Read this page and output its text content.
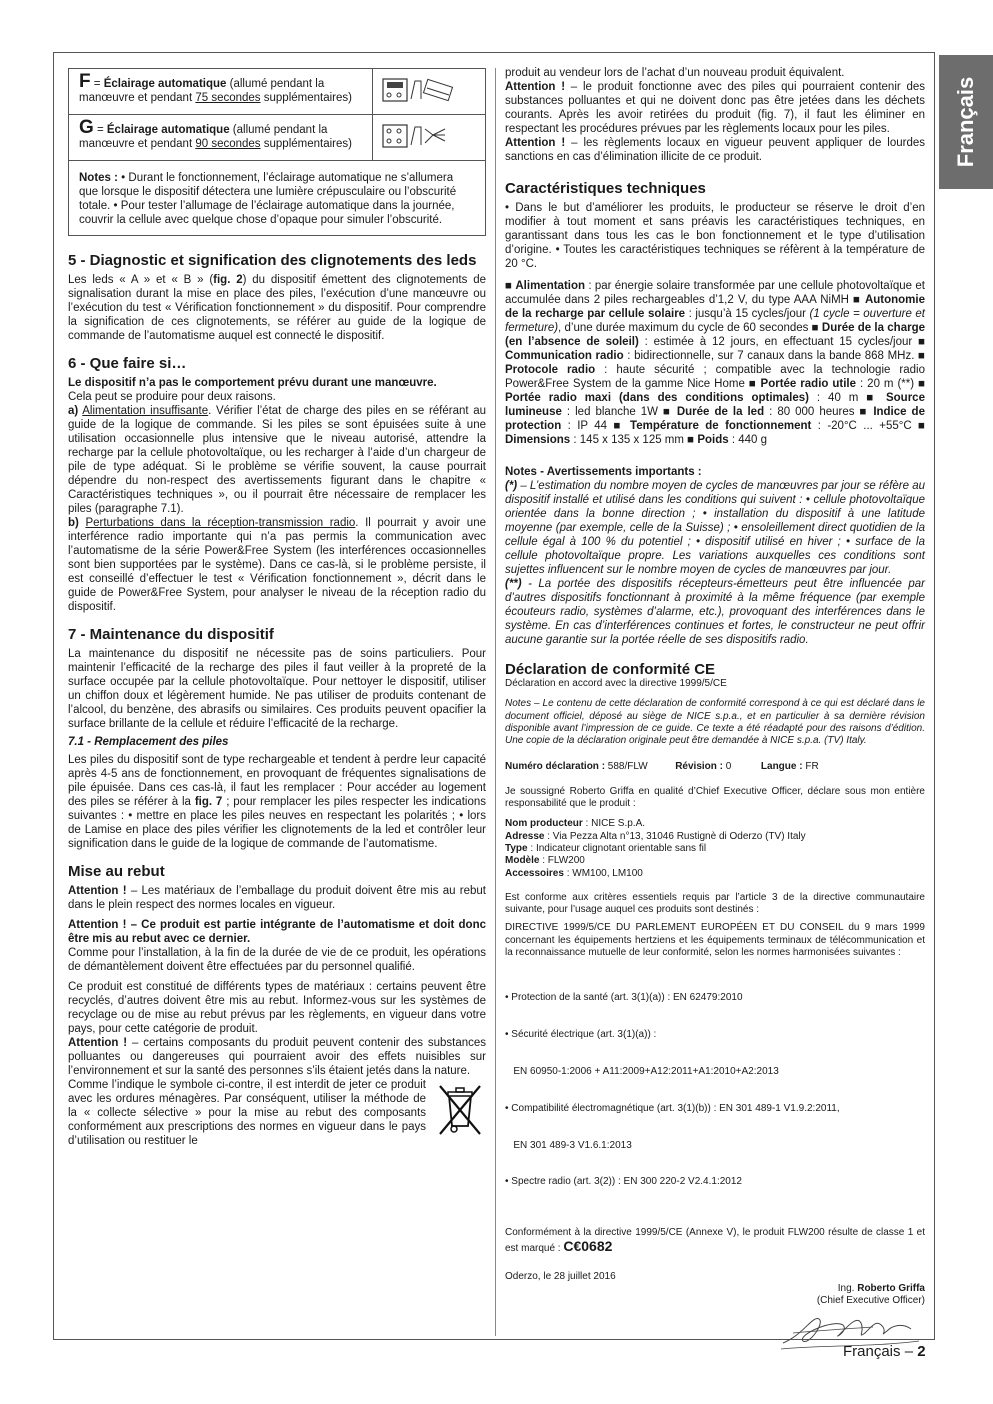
Français
F = Éclairage automatique (allumé pendant la manœuvre et pendant 75 secondes supplémentaires)
G = Éclairage automatique (allumé pendant la manœuvre et pendant 90 secondes supplémentaires)
Notes : • Durant le fonctionnement, l’éclairage automatique ne s’allumera que lorsque le dispositif détectera une lumière crépusculaire ou l’obscurité totale. • Pour tester l’allumage de l’éclairage automatique dans la journée, couvrir la cellule avec quelque chose d’opaque pour simuler l’obscurité.
5 - Diagnostic et signification des clignotements des leds

Les leds « A » et « B » (fig. 2) du dispositif émettent des clignotements de signalisation durant la mise en place des piles, l’exécution d’une manœuvre ou l’exécution du test « Vérification fonctionnement » du dispositif. Pour comprendre la signification de ces clignotements, se référer au guide de la logique de commande de l’automatisme auquel est connecté le dispositif.

6 - Que faire si…

Le dispositif n’a pas le comportement prévu durant une manœuvre.

Cela peut se produire pour deux raisons.

a) Alimentation insuffisante. Vérifier l’état de charge des piles en se référant au guide de la logique de commande. Si les piles se sont épuisées suite à une utilisation occasionnelle plus intensive que le niveau autorisé, attendre la recharge par la cellule photovoltaïque, ou les recharger à l’aide d’un chargeur de pile de type adéquat. Si le problème se vérifie souvent, la cause pourrait dépendre du non-respect des avertissements figurant dans le chapitre « Caractéristiques techniques », ou il pourrait être nécessaire de remplacer les piles (paragraphe 7.1).

b) Perturbations dans la réception-transmission radio. Il pourrait y avoir une interférence radio importante qui n’a pas permis la communication avec l’automatisme de la série Power&Free System (les interférences occasionnelles sont bien supportées par le système). Dans ce cas-là, si le problème persiste, il est conseillé d’effectuer le test « Vérification fonctionnement », décrit dans le guide de Power&Free System, pour analyser le niveau de la réception radio du dispositif.

7 - Maintenance du dispositif

La maintenance du dispositif ne nécessite pas de soins particuliers. Pour maintenir l’efficacité de la recharge des piles il faut veiller à la propreté de la surface occupée par la cellule photovoltaïque. Pour nettoyer le dispositif, utiliser un chiffon doux et légèrement humide. Ne pas utiliser de produits contenant de l’alcool, du benzène, des abrasifs ou similaires. Ces produits peuvent opacifier la surface brillante de la cellule et réduire l’efficacité de la recharge.

7.1 - Remplacement des piles

Les piles du dispositif sont de type rechargeable et tendent à perdre leur capacité après 4-5 ans de fonctionnement, en provoquant de fréquentes signalisations de pile épuisée. Dans ces cas-là, il faut les remplacer : Pour accéder au logement des piles se référer à la fig. 7 ; pour remplacer les piles respecter les indications suivantes : • mettre en place les piles neuves en respectant les polarités ; • lors de Lamise en place des piles vérifier les clignotements de la led et contrôler leur signification dans le guide de la logique de commande de l’automatisme.

Mise au rebut

Attention ! – Les matériaux de l’emballage du produit doivent être mis au rebut dans le plein respect des normes locales en vigueur.

Attention ! – Ce produit est partie intégrante de l’automatisme et doit donc être mis au rebut avec ce dernier.

Comme pour l’installation, à la fin de la durée de vie de ce produit, les opérations de démantèlement doivent être effectuées par du personnel qualifié.

Ce produit est constitué de différents types de matériaux : certains peuvent être recyclés, d’autres doivent être mis au rebut. Informez-vous sur les systèmes de recyclage ou de mise au rebut prévus par les règlements, en vigueur dans votre pays, pour cette catégorie de produit.

Attention ! – certains composants du produit peuvent contenir des substances polluantes ou dangereuses qui pourraient avoir des effets nuisibles sur l’environnement et sur la santé des personnes s’ils étaient jetés dans la nature.

Comme l’indique le symbole ci-contre, il est interdit de jeter ce produit avec les ordures ménagères. Par conséquent, utiliser la méthode de la « collecte sélective » pour la mise au rebut des composants conformément aux prescriptions des normes en vigueur dans le pays d’utilisation ou restituer le

produit au vendeur lors de l’achat d’un nouveau produit équivalent.

Attention ! – le produit fonctionne avec des piles qui pourraient contenir des substances polluantes et qui ne doivent donc pas être jetées dans les déchets courants. Après les avoir retirées du produit (fig. 7), il faut les éliminer en respectant les procédures prévues par les règlements locaux pour les piles.

Attention ! – les règlements locaux en vigueur peuvent appliquer de lourdes sanctions en cas d’élimination illicite de ce produit.

Caractéristiques techniques

• Dans le but d’améliorer les produits, le producteur se réserve le droit d’en modifier à tout moment et sans préavis les caractéristiques techniques, en garantissant dans tous les cas le bon fonctionnement et le type d’utilisation d’origine. • Toutes les caractéristiques techniques se réfèrent à la température de 20 °C.

■ Alimentation : par énergie solaire transformée par une cellule photovoltaïque et accumulée dans 2 piles rechargeables d’1,2 V, du type AAA NiMH ■ Autonomie de la recharge par cellule solaire : jusqu’à 15 cycles/jour (1 cycle = ouverture et fermeture), d’une durée maximum du cycle de 60 secondes ■ Durée de la charge (en l’absence de soleil) : estimée à 12 jours, en effectuant 15 cycles/jour ■ Communication radio : bidirectionnelle, sur 7 canaux dans la bande 868 MHz. ■ Protocole radio : haute sécurité ; compatible avec la technologie radio Power&Free System de la gamme Nice Home ■ Portée radio utile : 20 m (**) ■ Portée radio maxi (dans des conditions optimales) : 40 m ■ Source lumineuse : led blanche 1W ■ Durée de la led : 80 000 heures ■ Indice de protection : IP 44 ■ Température de fonctionnement : -20°C ... +55°C ■ Dimensions : 145 x 135 x 125 mm ■ Poids : 440 g

Notes - Avertissements importants :

(*) – L’estimation du nombre moyen de cycles de manœuvres par jour se réfère au dispositif installé et utilisé dans les conditions qui suivent : • cellule photovoltaïque orientée dans la bonne direction ; • installation du dispositif à une latitude moyenne (par exemple, celle de la Suisse) ; • ensoleillement direct quotidien de la cellule égal à 100 % du potentiel ; • dispositif utilisé en hiver ; • surface de la cellule photovoltaïque propre. Les variations auxquelles ces conditions sont sujettes influencent sur le nombre moyen de cycles de manœuvres par jour.

(**) - La portée des dispositifs récepteurs-émetteurs peut être influencée par d’autres dispositifs fonctionnant à proximité à la même fréquence (par exemple écouteurs radio, systèmes d’alarme, etc.), provoquant des interférences dans le système. En cas d’interférences continues et fortes, le constructeur ne peut offrir aucune garantie sur la portée réelle de ses dispositifs radio.

Déclaration de conformité CE

Déclaration en accord avec la directive 1999/5/CE

Notes – Le contenu de cette déclaration de conformité correspond à ce qui est déclaré dans le document officiel, déposé au siège de NICE s.p.a., et en particulier à sa dernière révision disponible avant l’impression de ce guide. Ce texte a été réadapté pour des raisons d’édition. Une copie de la déclaration originale peut être demandée à NICE s.p.a. (TV) Italy.

Numéro déclaration : 588/FLW	Révision : 0	Langue : FR

Je soussigné Roberto Griffa en qualité d’Chief Executive Officer, déclare sous mon entière responsabilité que le produit :

Nom producteur : NICE S.p.A.

Adresse : Via Pezza Alta n°13, 31046 Rustignè di Oderzo (TV) Italy

Type : Indicateur clignotant orientable sans fil

Modèle : FLW200

Accessoires : WM100, LM100

Est conforme aux critères essentiels requis par l’article 3 de la directive communautaire suivante, pour l’usage auquel ces produits sont destinés :

DIRECTIVE 1999/5/CE DU PARLEMENT EUROPÉEN ET DU CONSEIL du 9 mars 1999 concernant les équipements hertziens et les équipements terminaux de télécommunication et la reconnaissance mutuelle de leur conformité, selon les normes harmonisées suivantes :

• Protection de la santé (art. 3(1)(a)) : EN 62479:2010

• Sécurité électrique (art. 3(1)(a)) :

EN 60950-1:2006 + A11:2009+A12:2011+A1:2010+A2:2013

• Compatibilité électromagnétique (art. 3(1)(b)) : EN 301 489-1 V1.9.2:2011,

EN 301 489-3 V1.6.1:2013

• Spectre radio (art. 3(2)) : EN 300 220-2 V2.4.1:2012

Conformément à la directive 1999/5/CE (Annexe V), le produit FLW200 résulte de classe 1 et est marqué : C€0682

Oderzo, le 28 juillet 2016

Ing. Roberto Griffa

(Chief Executive Officer)

Français – 2
